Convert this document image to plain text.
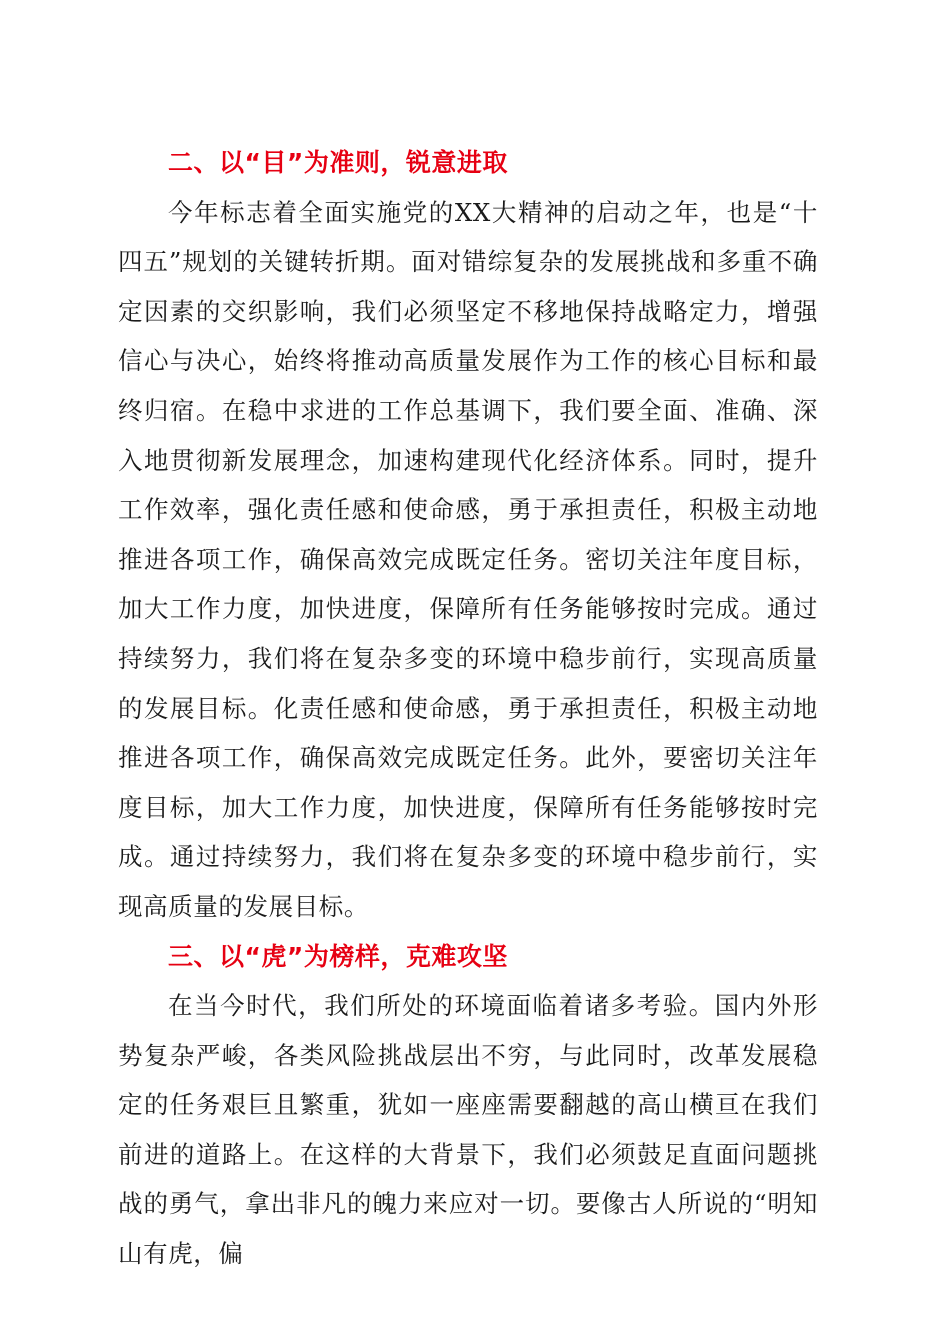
二、以“目”为准则，锐意进取

今年标志着全面实施党的XX大精神的启动之年，也是“十四五”规划的关键转折期。面对错综复杂的发展挑战和多重不确定因素的交织影响，我们必须坚定不移地保持战略定力，增强信心与决心，始终将推动高质量发展作为工作的核心目标和最终归宿。在稳中求进的工作总基调下，我们要全面、准确、深入地贯彻新发展理念，加速构建现代化经济体系。同时，提升工作效率，强化责任感和使命感，勇于承担责任，积极主动地推进各项工作，确保高效完成既定任务。密切关注年度目标，加大工作力度，加快进度，保障所有任务能够按时完成。通过持续努力，我们将在复杂多变的环境中稳步前行，实现高质量的发展目标。化责任感和使命感，勇于承担责任，积极主动地推进各项工作，确保高效完成既定任务。此外，要密切关注年度目标，加大工作力度，加快进度，保障所有任务能够按时完成。通过持续努力，我们将在复杂多变的环境中稳步前行，实现高质量的发展目标。

三、以“虎”为榜样，克难攻坚

在当今时代，我们所处的环境面临着诸多考验。国内外形势复杂严峻，各类风险挑战层出不穷，与此同时，改革发展稳定的任务艰巨且繁重，犹如一座座需要翻越的高山横亘在我们前进的道路上。在这样的大背景下，我们必须鼓足直面问题挑战的勇气，拿出非凡的魄力来应对一切。要像古人所说的“明知山有虎，偏
